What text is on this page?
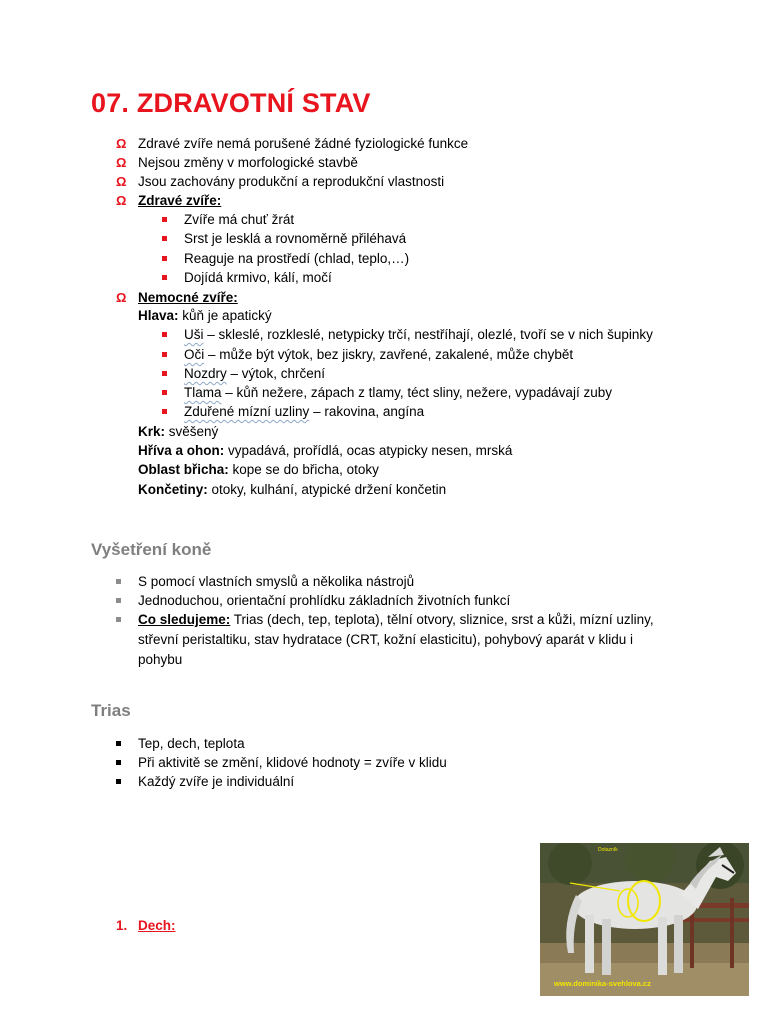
07. ZDRAVOTNÍ STAV
Ω Zdravé zvíře nemá porušené žádné fyziologické funkce
Ω Nejsou změny v morfologické stavbě
Ω Jsou zachovány produkční a reprodukční vlastnosti
Ω Zdravé zvíře:
Zvíře má chuť žrát
Srst je lesklá a rovnoměrně přiléhavá
Reaguje na prostředí (chlad, teplo,…)
Dojídá krmivo, kálí, močí
Ω Nemocné zvíře:
Hlava: kůň je apatický
Uši – skleslé, rozkleslé, netypicky trčí, nestříhají, olezlé, tvoří se v nich šupinky
Oči – může být výtok, bez jiskry, zavřené, zakalené, může chybět
Nozdry – výtok, chrčení
Tlama – kůň nežere, zápach z tlamy, téct sliny, nežere, vypadávají zuby
Zduřené mízní uzliny – rakovina, angína
Krk: svěšený
Hříva a ohon: vypadává, prořídlá, ocas atypicky nesen, mrská
Oblast břicha: kope se do břicha, otoky
Končetiny: otoky, kulhání, atypické držení končetin
Vyšetření koně
S pomocí vlastních smyslů a několika nástrojů
Jednoduchou, orientační prohlídku základních životních funkcí
Co sledujeme: Trias (dech, tep, teplota), tělní otvory, sliznice, srst a kůži, mízní uzliny,
střevní peristaltiku, stav hydratace (CRT, kožní elasticitu), pohybový aparát v klidu i
pohybu
Trias
Tep, dech, teplota
Při aktivitě se změní, klidové hodnoty = zvíře v klidu
Každý zvíře je individuální
1. Dech:
Dotazník
www.dominika-svehlova.cz
